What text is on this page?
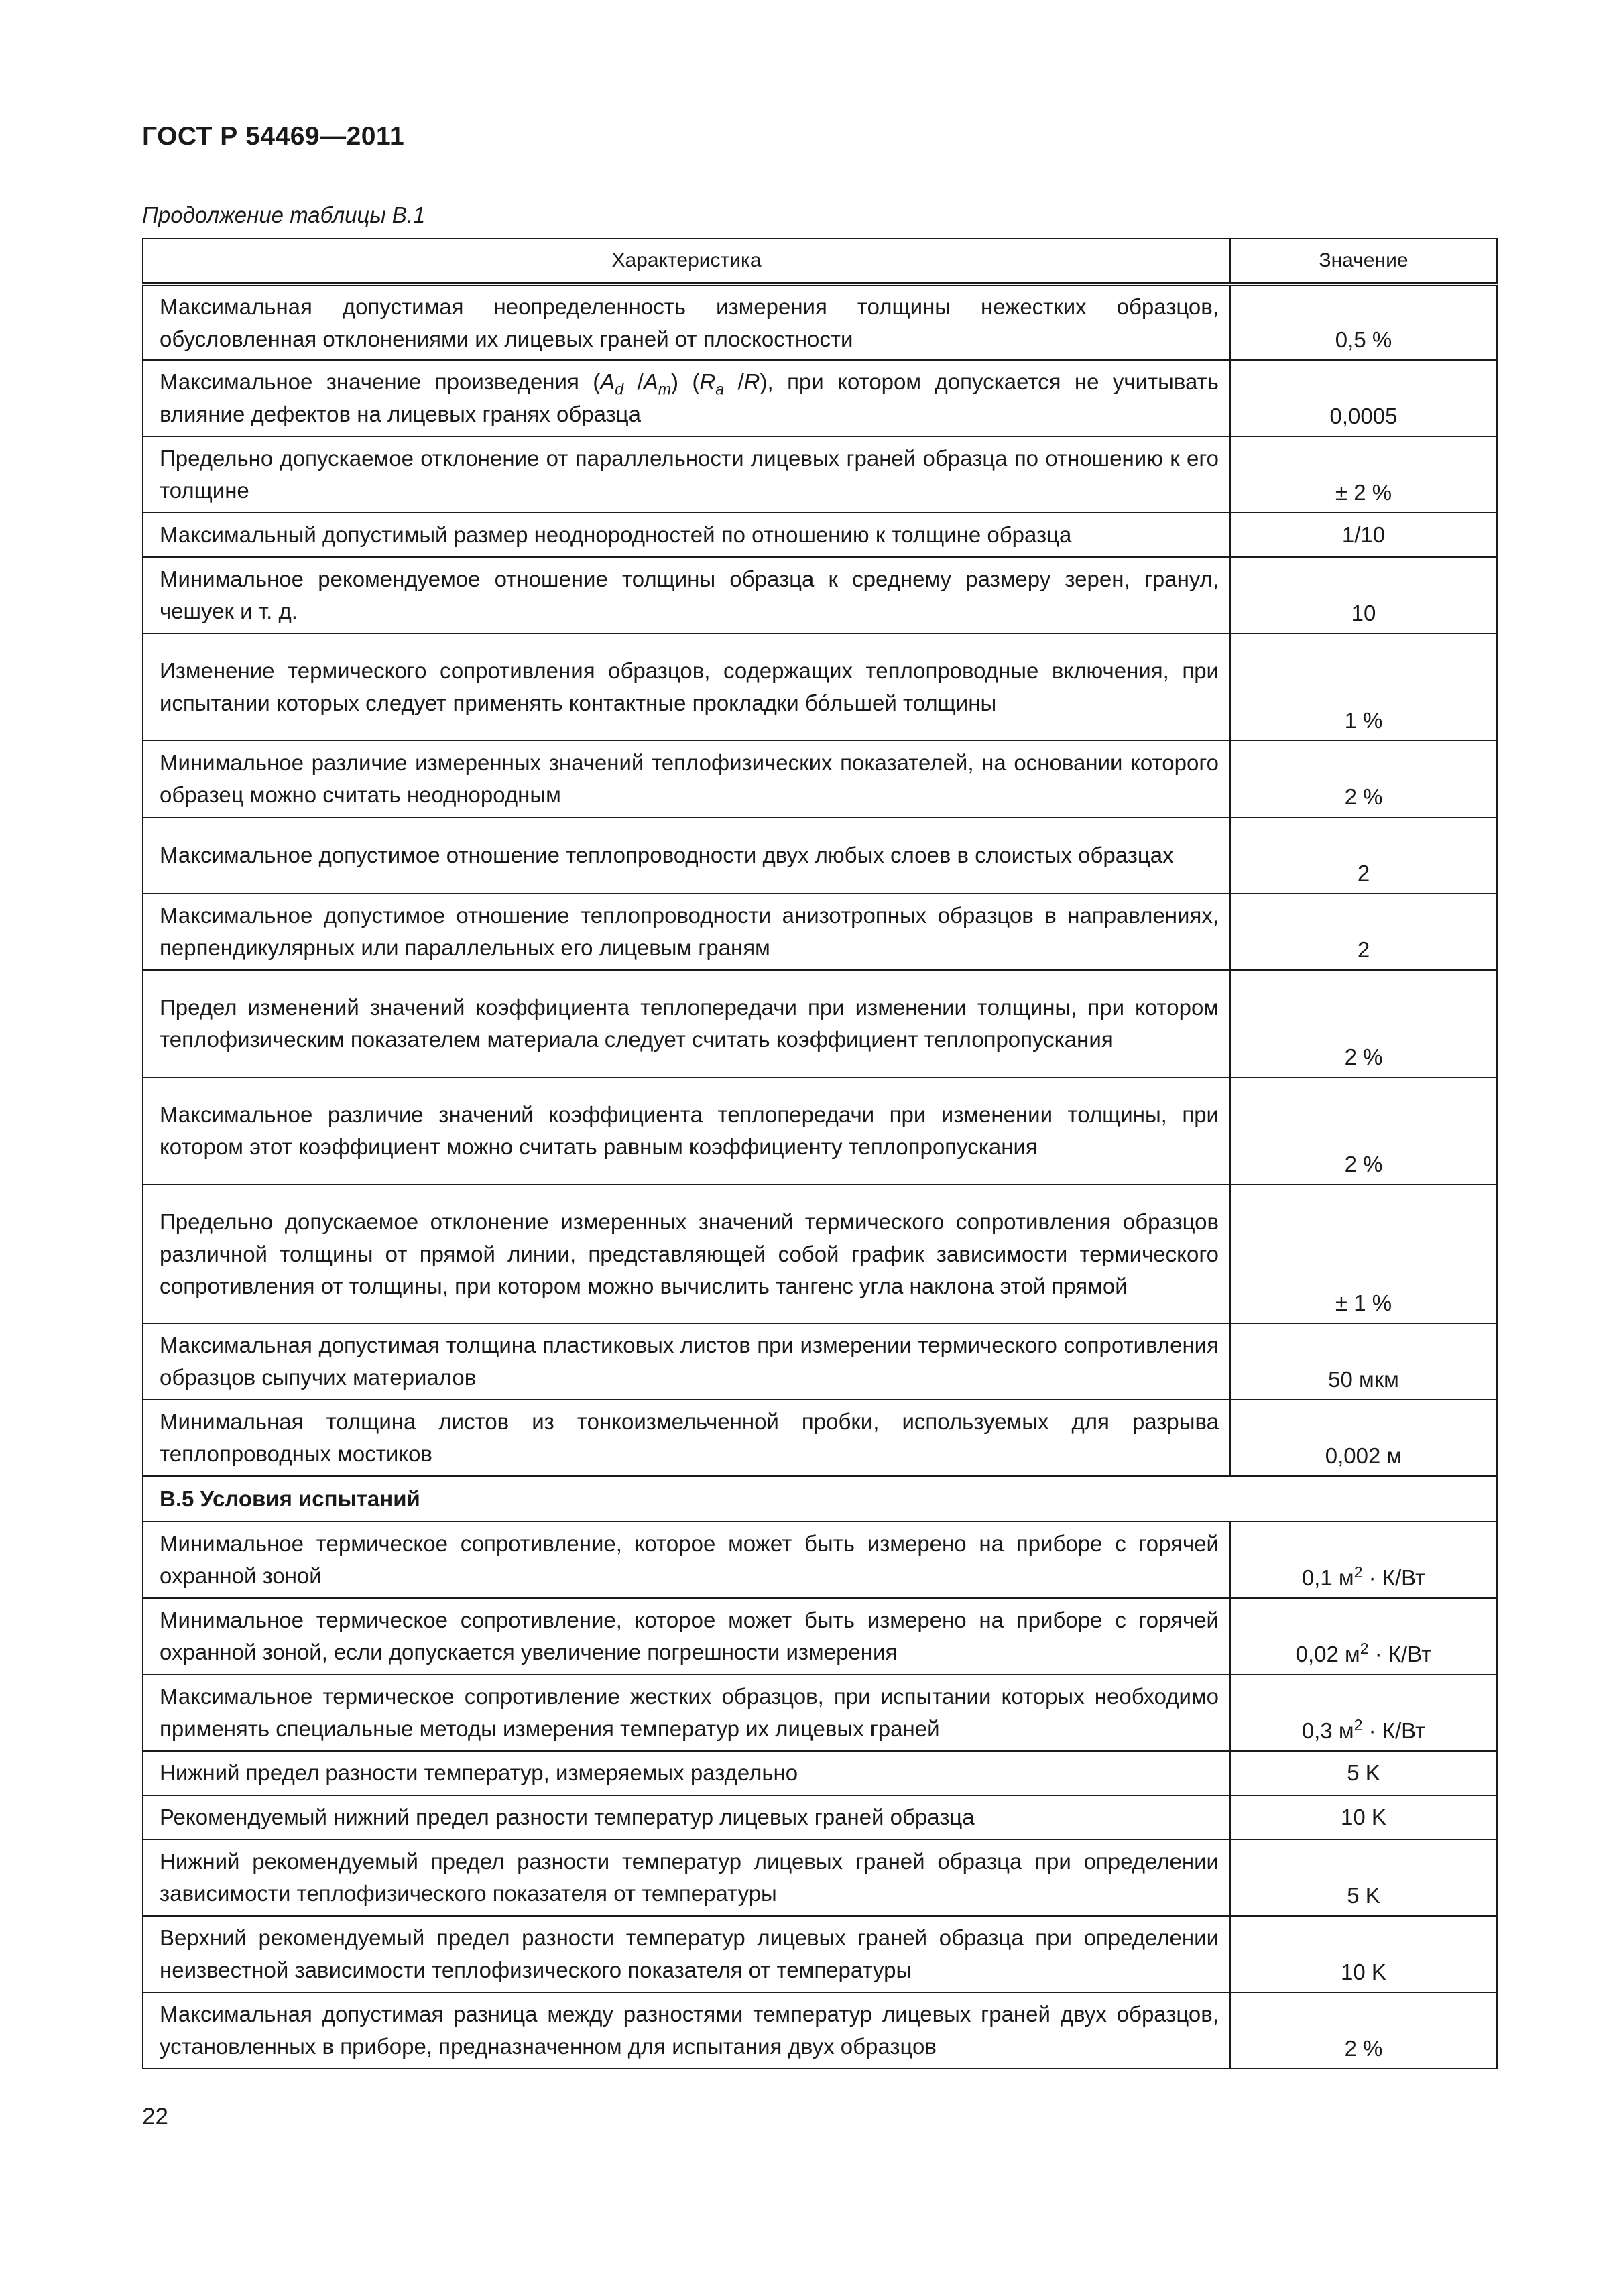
ГОСТ Р 54469—2011
Продолжение таблицы В.1
Характеристика	Значение
Максимальная допустимая неопределенность измерения толщины нежестких образцов, обусловленная отклонениями их лицевых граней от плоскостности	0,5 %
Максимальное значение произведения ($A_d$ $/A_m$) ($R_a$ /R), при котором допускается не учитывать влияние дефектов на лицевых гранях образца	0,0005
Предельно допускаемое отклонение от параллельности лицевых граней образца по отношению к его толщине	± 2 %
Максимальный допустимый размер неоднородностей по отношению к толщине образца	1/10
Минимальное рекомендуемое отношение толщины образца к среднему размеру зерен, гранул, чешуек и т. д.	10
Изменение термического сопротивления образцов, содержащих теплопроводные включения, при испытании которых следует применять контактные прокладки бóльшей толщины	1 %
Минимальное различие измеренных значений теплофизических показателей, на основании которого образец можно считать неоднородным	2 %
Максимальное допустимое отношение теплопроводности двух любых слоев в слоистых образцах	2
Максимальное допустимое отношение теплопроводности анизотропных образцов в направлениях, перпендикулярных или параллельных его лицевым граням	2
Предел изменений значений коэффициента теплопередачи при изменении толщины, при котором теплофизическим показателем материала следует считать коэффициент теплопропускания	2 %
Максимальное различие значений коэффициента теплопередачи при изменении толщины, при котором этот коэффициент можно считать равным коэффициенту теплопропускания	2 %
Предельно допускаемое отклонение измеренных значений термического сопротивления образцов различной толщины от прямой линии, представляющей собой график зависимости термического сопротивления от толщины, при котором можно вычислить тангенс угла наклона этой прямой	± 1 %
Максимальная допустимая толщина пластиковых листов при измерении термического сопротивления образцов сыпучих материалов	50 мкм
Минимальная толщина листов из тонкоизмельченной пробки, используемых для разрыва теплопроводных мостиков	0,002 м
В.5 Условия испытаний	
Минимальное термическое сопротивление, которое может быть измерено на приборе с горячей охранной зоной	0,1 $м^2 \cdot К/Вт$
Минимальное термическое сопротивление, которое может быть измерено на приборе с горячей охранной зоной, если допускается увеличение погрешности измерения	0,02 $м^2 \cdot К/Вт$
Максимальное термическое сопротивление жестких образцов, при испытании которых необходимо применять специальные методы измерения температур их лицевых граней	0,3 $м^2 \cdot К/Вт$
Нижний предел разности температур, измеряемых раздельно	5 K
Рекомендуемый нижний предел разности температур лицевых граней образца	10 K
Нижний рекомендуемый предел разности температур лицевых граней образца при определении зависимости теплофизического показателя от температуры	5 K
Верхний рекомендуемый предел разности температур лицевых граней образца при определении неизвестной зависимости теплофизического показателя от температуры	10 K
Максимальная допустимая разница между разностями температур лицевых граней двух образцов, установленных в приборе, предназначенном для испытания двух образцов	2 %
22
